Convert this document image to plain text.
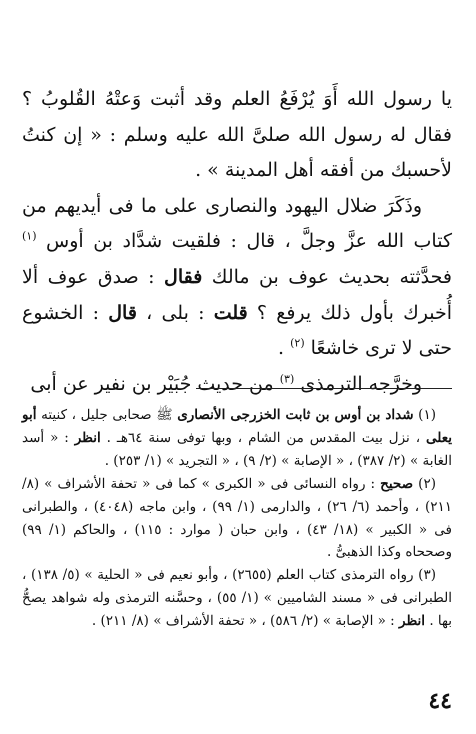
يا رسول الله أَوَ يُرْفَعُ العلم وقد أثبت وَعتْهُ القُلوبُ ؟ فقال له رسول الله صلىَّ الله عليه وسلم : « إن كنتُ لأحسبك من أفقه أهل المدينة » .

وذَكَرَ ضلال اليهود والنصارى على ما فى أيديهم من كتاب الله عزَّ وجلَّ ، قال : فلقيت شدَّاد بن أوس $^{(١)}$ فحدَّثته بحديث عوف بن مالك فقال : صدق عوف ألا أُخبرك بأول ذلك يرفع ؟ قلت : بلى ، قال : الخشوع حتى لا ترى خاشعًا $^{(٢)}$ .

وخرَّجه الترمذى $^{(٣)}$ من حديث جُبَيْر بن نفير عن أبى

(١) شداد بن أوس بن ثابت الخزرجى الأنصارى ﷺ صحابى جليل ، كنيته أبو يعلى ، نزل بيت المقدس من الشام ، وبها توفى سنة ٦٤هـ . انظر : « أسد الغابة » (٢/ ٣٨٧) ، « الإصابة » (٢/ ٩) ، « التجريد » (١/ ٢٥٣) .

(٢) صحيح : رواه النسائى فى « الكبرى » كما فى « تحفة الأشراف » (٨/ ٢١١) ، وأحمد (٦/ ٢٦) ، والدارمى (١/ ٩٩) ، وابن ماجه (٤٠٤٨) ، والطبرانى فى « الكبير » (١٨/ ٤٣) ، وابن حبان ( موارد : ١١٥) ، والحاكم (١/ ٩٩) وصححاه وكذا الذهبىُّ .

(٣) رواه الترمذى كتاب العلم (٢٦٥٥) ، وأبو نعيم فى « الحلية » (٥/ ١٣٨) ، الطبرانى فى « مسند الشاميين » (١/ ٥٥) ، وحسَّنه الترمذى وله شواهد يصحُّ بها . انظر : « الإصابة » (٢/ ٥٨٦) ، « تحفة الأشراف » (٨/ ٢١١) .

٤٤
